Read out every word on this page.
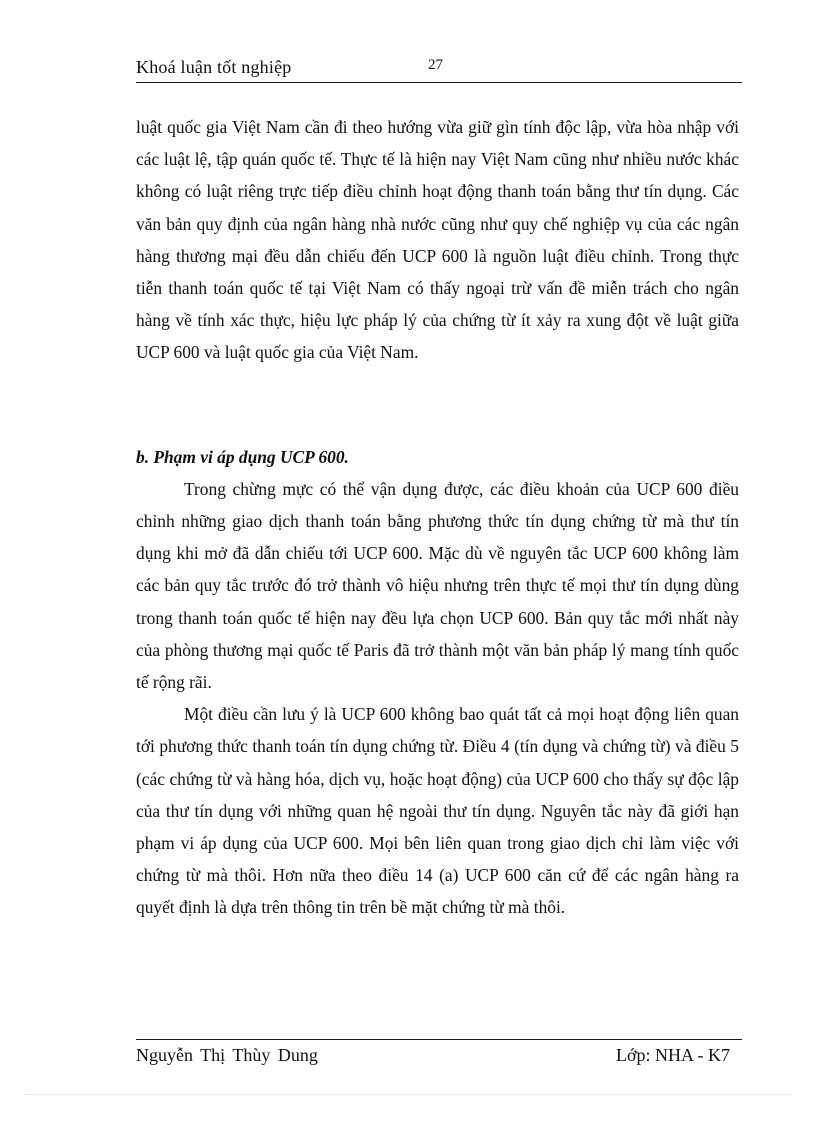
Khoá luận tốt nghiệp	27

luật quốc gia Việt Nam cần đi theo hướng vừa giữ gìn tính độc lập, vừa hòa nhập với các luật lệ, tập quán quốc tế. Thực tế là hiện nay Việt Nam cũng như nhiều nước khác không có luật riêng trực tiếp điều chỉnh hoạt động thanh toán bằng thư tín dụng. Các văn bản quy định của ngân hàng nhà nước cũng như quy chế nghiệp vụ của các ngân hàng thương mại đều dẫn chiếu đến UCP 600 là nguồn luật điều chỉnh. Trong thực tiễn thanh toán quốc tế tại Việt Nam có thấy ngoại trừ vấn đề miễn trách cho ngân hàng về tính xác thực, hiệu lực pháp lý của chứng từ ít xảy ra xung đột về luật giữa UCP 600 và luật quốc gia của Việt Nam.

b. Phạm vi áp dụng UCP 600.

Trong chừng mực có thể vận dụng được, các điều khoản của UCP 600 điều chỉnh những giao dịch thanh toán bằng phương thức tín dụng chứng từ mà thư tín dụng khi mở đã dẫn chiếu tới UCP 600. Mặc dù về nguyên tắc UCP 600 không làm các bản quy tắc trước đó trở thành vô hiệu nhưng trên thực tế mọi thư tín dụng dùng trong thanh toán quốc tế hiện nay đều lựa chọn UCP 600. Bản quy tắc mới nhất này của phòng thương mại quốc tế Paris đã trở thành một văn bản pháp lý mang tính quốc tế rộng rãi.

Một điều cần lưu ý là UCP 600 không bao quát tất cả mọi hoạt động liên quan tới phương thức thanh toán tín dụng chứng từ. Điều 4 (tín dụng và chứng từ) và điều 5 (các chứng từ và hàng hóa, dịch vụ, hoặc hoạt động) của UCP 600 cho thấy sự độc lập của thư tín dụng với những quan hệ ngoài thư tín dụng. Nguyên tắc này đã giới hạn phạm vi áp dụng của UCP 600. Mọi bên liên quan trong giao dịch chỉ làm việc với chứng từ mà thôi. Hơn nữa theo điều 14 (a) UCP 600 căn cứ để các ngân hàng ra quyết định là dựa trên thông tin trên bề mặt chứng từ mà thôi.

Nguyễn Thị Thùy Dung	Lớp: NHA - K7
